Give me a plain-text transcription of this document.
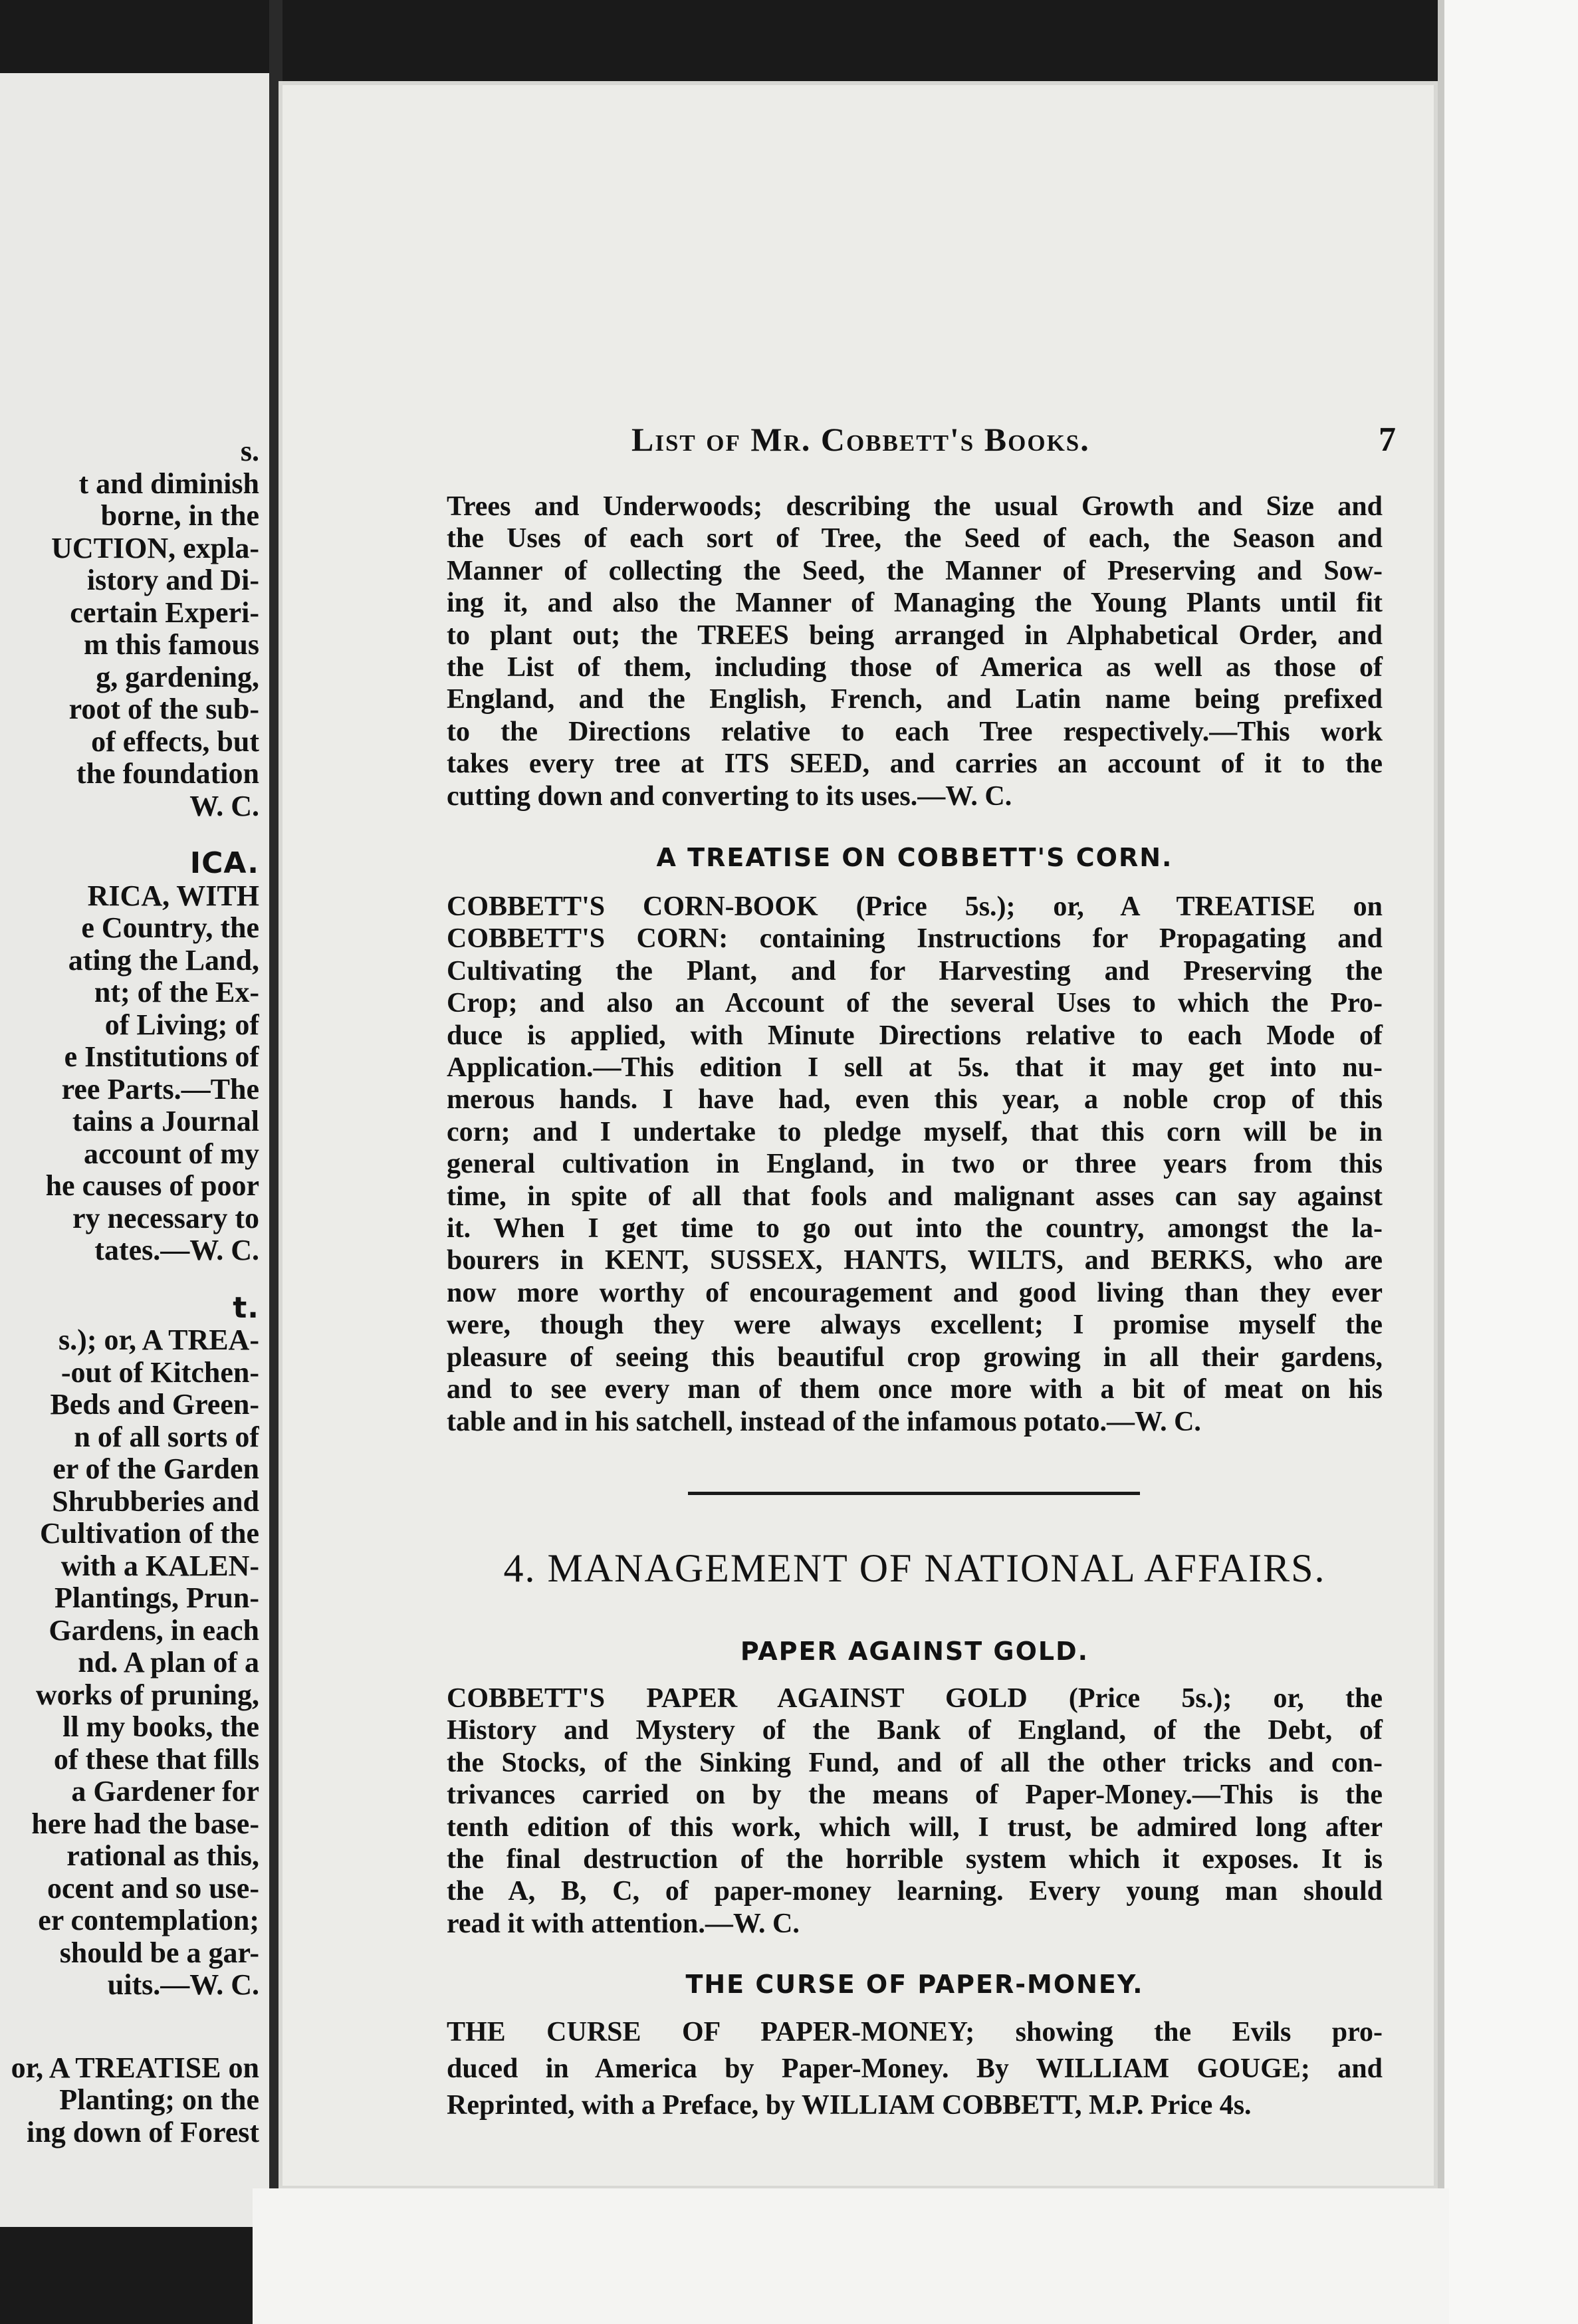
s.
t and diminish
borne, in the
UCTION, expla-
istory and Di-
certain Experi-
m this famous
g, gardening,
root of the sub-
of effects, but
the foundation
W. C.
ICA.
RICA, WITH
e Country, the
ating the Land,
nt; of the Ex-
of Living; of
e Institutions of
ree Parts.—The
tains a Journal
account of my
he causes of poor
ry necessary to
tates.—W. C.
t.
s.); or, A TREA-
-out of Kitchen-
Beds and Green-
n of all sorts of
er of the Garden
Shrubberies and
Cultivation of the
with a KALEN-
Plantings, Prun-
Gardens, in each
nd. A plan of a
works of pruning,
ll my books, the
of these that fills
a Gardener for
here had the base-
rational as this,
ocent and so use-
er contemplation;
should be a gar-
uits.—W. C.
or, A TREATISE on
Planting; on the
ing down of Forest
List of Mr. Cobbett's Books.	7
Trees and Underwoods; describing the usual Growth and Size and
the Uses of each sort of Tree, the Seed of each, the Season and
Manner of collecting the Seed, the Manner of Preserving and Sow-
ing it, and also the Manner of Managing the Young Plants until fit
to plant out; the TREES being arranged in Alphabetical Order, and
the List of them, including those of America as well as those of
England, and the English, French, and Latin name being prefixed
to the Directions relative to each Tree respectively.—This work
takes every tree at ITS SEED, and carries an account of it to the
cutting down and converting to its uses.—W. C.
A TREATISE ON COBBETT'S CORN.
COBBETT'S CORN-BOOK (Price 5s.); or, A TREATISE on
COBBETT'S CORN: containing Instructions for Propagating and
Cultivating the Plant, and for Harvesting and Preserving the
Crop; and also an Account of the several Uses to which the Pro-
duce is applied, with Minute Directions relative to each Mode of
Application.—This edition I sell at 5s. that it may get into nu-
merous hands. I have had, even this year, a noble crop of this
corn; and I undertake to pledge myself, that this corn will be in
general cultivation in England, in two or three years from this
time, in spite of all that fools and malignant asses can say against
it. When I get time to go out into the country, amongst the la-
bourers in KENT, SUSSEX, HANTS, WILTS, and BERKS, who are
now more worthy of encouragement and good living than they ever
were, though they were always excellent; I promise myself the
pleasure of seeing this beautiful crop growing in all their gardens,
and to see every man of them once more with a bit of meat on his
table and in his satchell, instead of the infamous potato.—W. C.
4. MANAGEMENT OF NATIONAL AFFAIRS.
PAPER AGAINST GOLD.
COBBETT'S PAPER AGAINST GOLD (Price 5s.); or, the
History and Mystery of the Bank of England, of the Debt, of
the Stocks, of the Sinking Fund, and of all the other tricks and con-
trivances carried on by the means of Paper-Money.—This is the
tenth edition of this work, which will, I trust, be admired long after
the final destruction of the horrible system which it exposes. It is
the A, B, C, of paper-money learning. Every young man should
read it with attention.—W. C.
THE CURSE OF PAPER-MONEY.
THE CURSE OF PAPER-MONEY; showing the Evils pro-
duced in America by Paper-Money. By WILLIAM GOUGE; and
Reprinted, with a Preface, by WILLIAM COBBETT, M.P. Price 4s.
